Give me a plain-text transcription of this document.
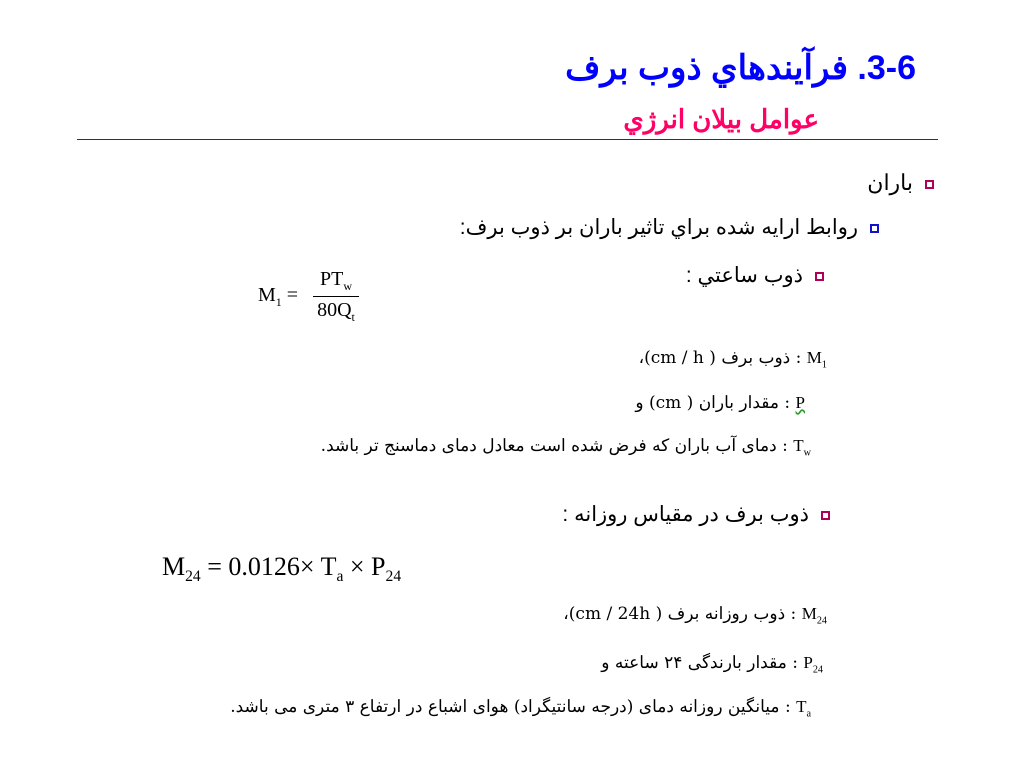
3-6. فرآيندهاي ذوب برف
عوامل بيلان انرژي
باران
روابط ارايه شده براي تاثير باران بر ذوب برف:
ذوب ساعتي :
$M_1 = \frac{PT_w}{80Q_t}$
$M_1$ : ذوب برف ( cm / h)،
P : مقدار باران ( cm) و
$T_w$ : دمای آب باران که فرض شده است معادل دمای دماسنج تر باشد.
ذوب برف در مقياس روزانه :
$M_{24} = 0.0126\times T_a \times P_{24}$
$M_{24}$ : ذوب روزانه برف ( cm / 24h)،
$P_{24}$ : مقدار بارندگی ۲۴ ساعته و
$T_a$ : میانگین روزانه دمای (درجه سانتیگراد) هوای اشباع در ارتفاع ۳ متری می باشد.
